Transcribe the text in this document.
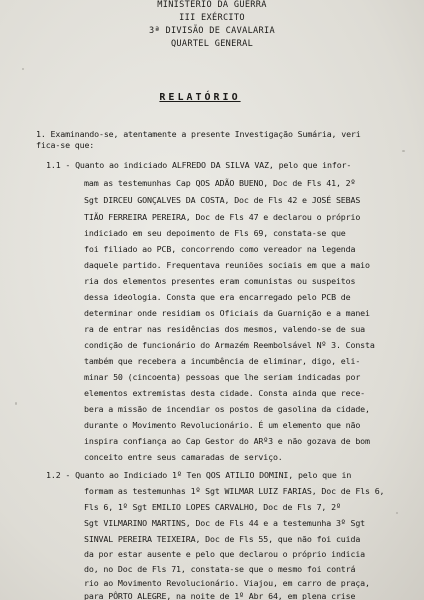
MINISTÉRIO DA GUERRA
III EXÉRCITO
3ª DIVISÃO DE CAVALARIA
QUARTEL GENERAL
RELATÓRIO
1. Examinando-se, atentamente a presente Investigação Sumária, veri
fica-se que:
1.1 - Quanto ao indiciado ALFREDO DA SILVA VAZ, pelo que infor-
mam as testemunhas Cap QOS ADÃO BUENO, Doc de Fls 41, 2º
Sgt DIRCEU GONÇALVES DA COSTA, Doc de Fls 42 e JOSÉ SEBAS
TIÃO FERREIRA PEREIRA, Doc de Fls 47 e declarou o próprio
indiciado em seu depoimento de Fls 69, constata-se que
foi filiado ao PCB, concorrendo como vereador na legenda
daquele partido. Frequentava reuniões sociais em que a maio
ria dos elementos presentes eram comunistas ou suspeitos
dessa ideologia. Consta que era encarregado pelo PCB de
determinar onde residiam os Oficiais da Guarnição e a manei
ra de entrar nas residências dos mesmos, valendo-se de sua
condição de funcionário do Armazém Reembolsável Nº 3. Consta
também que recebera a incumbência de eliminar, digo, eli-
minar 50 (cincoenta) pessoas que lhe seriam indicadas por
elementos extremistas desta cidade. Consta ainda que rece-
bera a missão de incendiar os postos de gasolina da cidade,
durante o Movimento Revolucionário. É um elemento que não
inspira confiança ao Cap Gestor do ARº3 e não gozava de bom
conceito entre seus camaradas de serviço.
1.2 - Quanto ao Indiciado 1º Ten QOS ATILIO DOMINI, pelo que in
formam as testemunhas 1º Sgt WILMAR LUIZ FARIAS, Doc de Fls 6,
Fls 6, 1º Sgt EMILIO LOPES CARVALHO, Doc de Fls 7, 2º
Sgt VILMARINO MARTINS, Doc de Fls 44 e a testemunha 3º Sgt
SINVAL PEREIRA TEIXEIRA, Doc de Fls 55, que não foi cuida
da por estar ausente e pelo que declarou o próprio indicia
do, no Doc de Fls 71, constata-se que o mesmo foi contrá
rio ao Movimento Revolucionário. Viajou, em carro de praça,
para PÔRTO ALEGRE, na noite de 1º Abr 64, em plena crise
